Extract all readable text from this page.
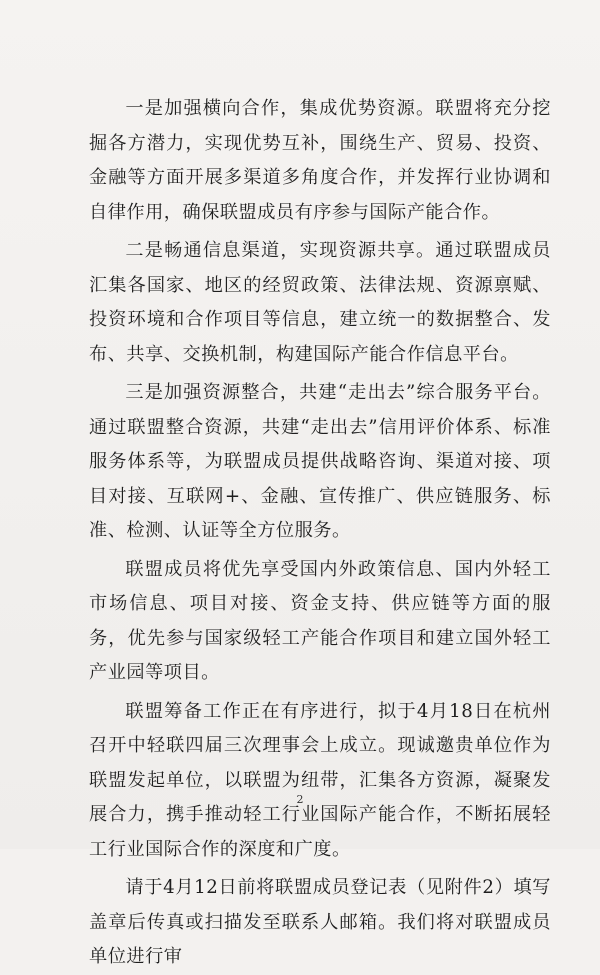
一是加强横向合作，集成优势资源。联盟将充分挖掘各方潜力，实现优势互补，围绕生产、贸易、投资、金融等方面开展多渠道多角度合作，并发挥行业协调和自律作用，确保联盟成员有序参与国际产能合作。

二是畅通信息渠道，实现资源共享。通过联盟成员汇集各国家、地区的经贸政策、法律法规、资源禀赋、投资环境和合作项目等信息，建立统一的数据整合、发布、共享、交换机制，构建国际产能合作信息平台。

三是加强资源整合，共建“走出去”综合服务平台。通过联盟整合资源，共建“走出去”信用评价体系、标准服务体系等，为联盟成员提供战略咨询、渠道对接、项目对接、互联网+、金融、宣传推广、供应链服务、标准、检测、认证等全方位服务。

联盟成员将优先享受国内外政策信息、国内外轻工市场信息、项目对接、资金支持、供应链等方面的服务，优先参与国家级轻工产能合作项目和建立国外轻工产业园等项目。

联盟筹备工作正在有序进行，拟于4月18日在杭州召开中轻联四届三次理事会上成立。现诚邀贵单位作为联盟发起单位，以联盟为纽带，汇集各方资源，凝聚发展合力，携手推动轻工行业国际产能合作，不断拓展轻工行业国际合作的深度和广度。

请于4月12日前将联盟成员登记表（见附件2）填写盖章后传真或扫描发至联系人邮箱。我们将对联盟成员单位进行审

2
